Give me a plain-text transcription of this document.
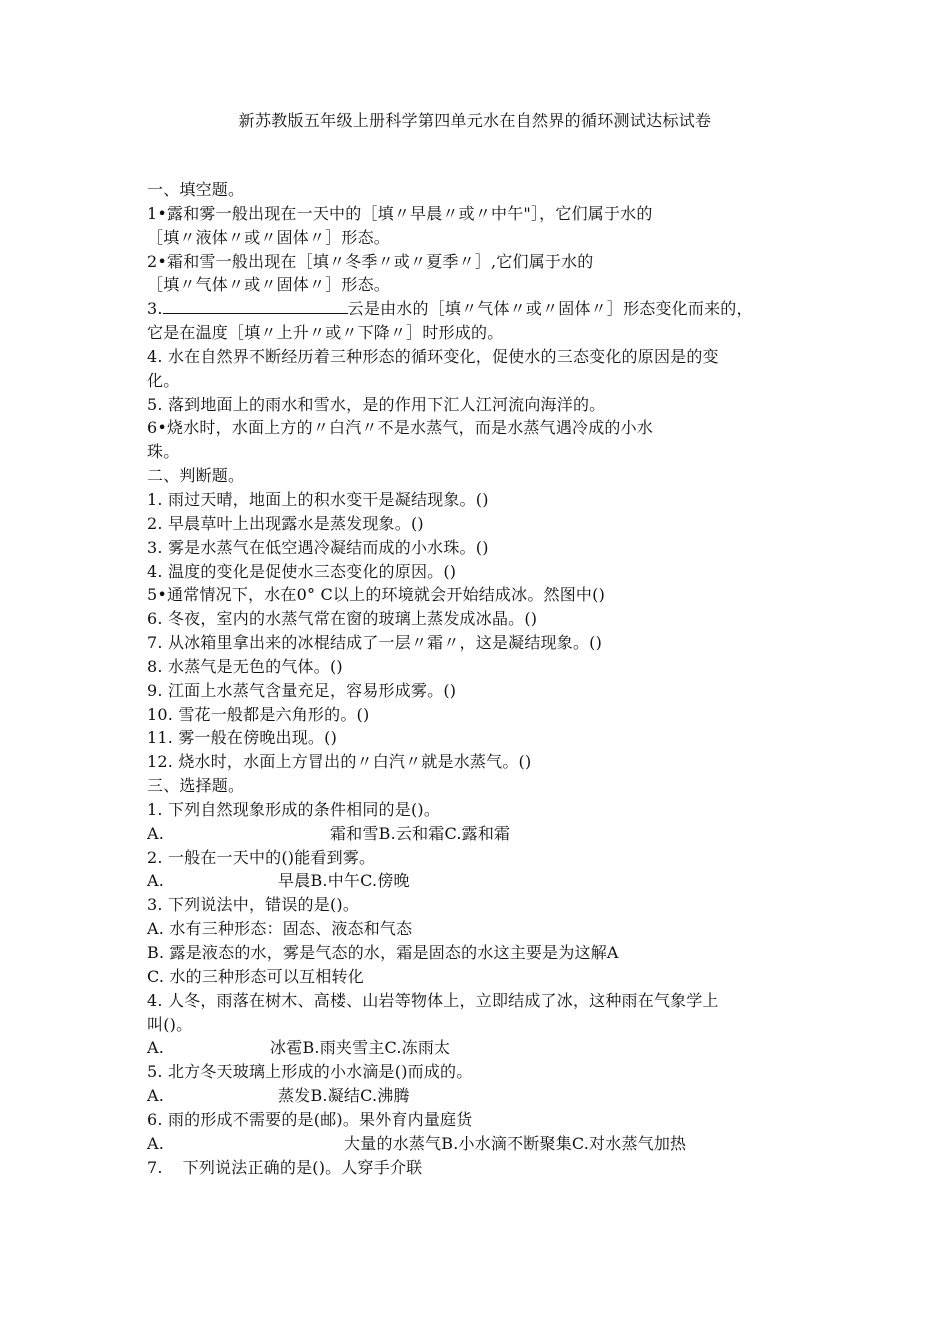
新苏教版五年级上册科学第四单元水在自然界的循环测试达标试卷
一、填空题。
1•露和雾一般出现在一天中的［填〃早晨〃或〃中午"］，它们属于水的
［填〃液体〃或〃固体〃］形态。
2•霜和雪一般出现在［填〃冬季〃或〃夏季〃］,它们属于水的
［填〃气体〃或〃固体〃］形态。
3.	云是由水的［填〃气体〃或〃固体〃］形态变化而来的，
它是在温度［填〃上升〃或〃下降〃］时形成的。
4. 水在自然界不断经历着三种形态的循环变化，促使水的三态变化的原因是的变
化。
5. 落到地面上的雨水和雪水，是的作用下汇人江河流向海洋的。
6•烧水时，水面上方的〃白汽〃不是水蒸气，而是水蒸气遇冷成的小水
珠。
二、判断题。
1. 雨过天晴，地面上的积水变干是凝结现象。()
2. 早晨草叶上出现露水是蒸发现象。()
3. 雾是水蒸气在低空遇冷凝结而成的小水珠。()
4. 温度的变化是促使水三态变化的原因。()
5•通常情况下，水在0° C以上的环境就会开始结成冰。然图中()
6. 冬夜，室内的水蒸气常在窗的玻璃上蒸发成冰晶。()
7. 从冰箱里拿出来的冰棍结成了一层〃霜〃，这是凝结现象。()
8. 水蒸气是无色的气体。()
9. 江面上水蒸气含量充足，容易形成雾。()
10. 雪花一般都是六角形的。()
11. 雾一般在傍晚出现。()
12. 烧水时，水面上方冒出的〃白汽〃就是水蒸气。()
三、选择题。
1. 下列自然现象形成的条件相同的是()。
A.	霜和雪B.云和霜C.露和霜
2. 一般在一天中的()能看到雾。
A.	早晨B.中午C.傍晚
3. 下列说法中，错误的是()。
A. 水有三种形态：固态、液态和气态
B. 露是液态的水，雾是气态的水，霜是固态的水这主要是为这解A
C. 水的三种形态可以互相转化
4. 人冬，雨落在树木、高楼、山岩等物体上，立即结成了冰，这种雨在气象学上
叫()。
A.	冰雹B.雨夹雪主C.冻雨太
5. 北方冬天玻璃上形成的小水滴是()而成的。
A.	蒸发B.凝结C.沸腾
6. 雨的形成不需要的是(邮)。果外育内量庭货
A.	大量的水蒸气B.小水滴不断聚集C.对水蒸气加热
7. 下列说法正确的是()。人穿手介联
